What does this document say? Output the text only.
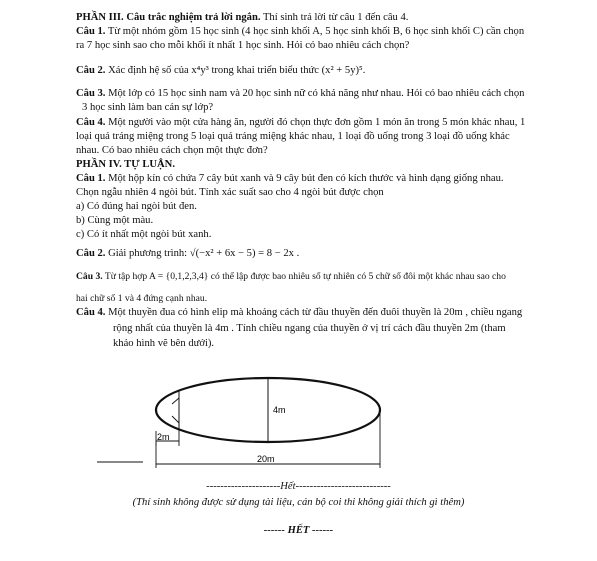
PHẦN III. Câu trắc nghiệm trả lời ngắn. Thí sinh trả lời từ câu 1 đến câu 4.
Câu 1. Từ một nhóm gồm 15 học sinh (4 học sinh khối A, 5 học sinh khối B, 6 học sinh khối C) cần chọn
ra 7 học sinh sao cho mỗi khối ít nhất 1 học sinh. Hỏi có bao nhiêu cách chọn?
Câu 2. Xác định hệ số của x⁴y³ trong khai triển biểu thức (x² + 5y)⁵.
Câu 3. Một lớp có 15 học sinh nam và 20 học sinh nữ có khả năng như nhau. Hỏi có bao nhiêu cách chọn
3 học sinh làm ban cán sự lớp?
Câu 4. Một người vào một cửa hàng ăn, người đó chọn thực đơn gồm 1 món ăn trong 5 món khác nhau, 1
loại quả tráng miệng trong 5 loại quả tráng miệng khác nhau, 1 loại đồ uống trong 3 loại đồ uống khác
nhau. Có bao nhiêu cách chọn một thực đơn?
PHẦN IV. TỰ LUẬN.
Câu 1. Một hộp kín có chứa 7 cây bút xanh và 9 cây bút đen có kích thước và hình dạng giống nhau.
Chọn ngẫu nhiên 4 ngòi bút. Tính xác suất sao cho 4 ngòi bút được chọn
a) Có đúng hai ngòi bút đen.
b) Cùng một màu.
c) Có ít nhất một ngòi bút xanh.
Câu 2. Giải phương trình: √(−x² + 6x − 5) = 8 − 2x .
Câu 3. Từ tập hợp A = {0,1,2,3,4} có thể lập được bao nhiêu số tự nhiên có 5 chữ số đôi một khác nhau sao cho
hai chữ số 1 và 4 đứng cạnh nhau.
Câu 4. Một thuyền đua có hình elip mà khoảng cách từ đầu thuyền đến đuôi thuyền là 20m , chiều ngang
rộng nhất của thuyền là 4m . Tính chiều ngang của thuyền ở vị trí cách đầu thuyền 2m (tham
khảo hình vẽ bên dưới).
4m
2m
20m
---------------------Hết---------------------------
(Thí sinh không được sử dụng tài liệu, cán bộ coi thi không giải thích gì thêm)
------ HẾT ------
